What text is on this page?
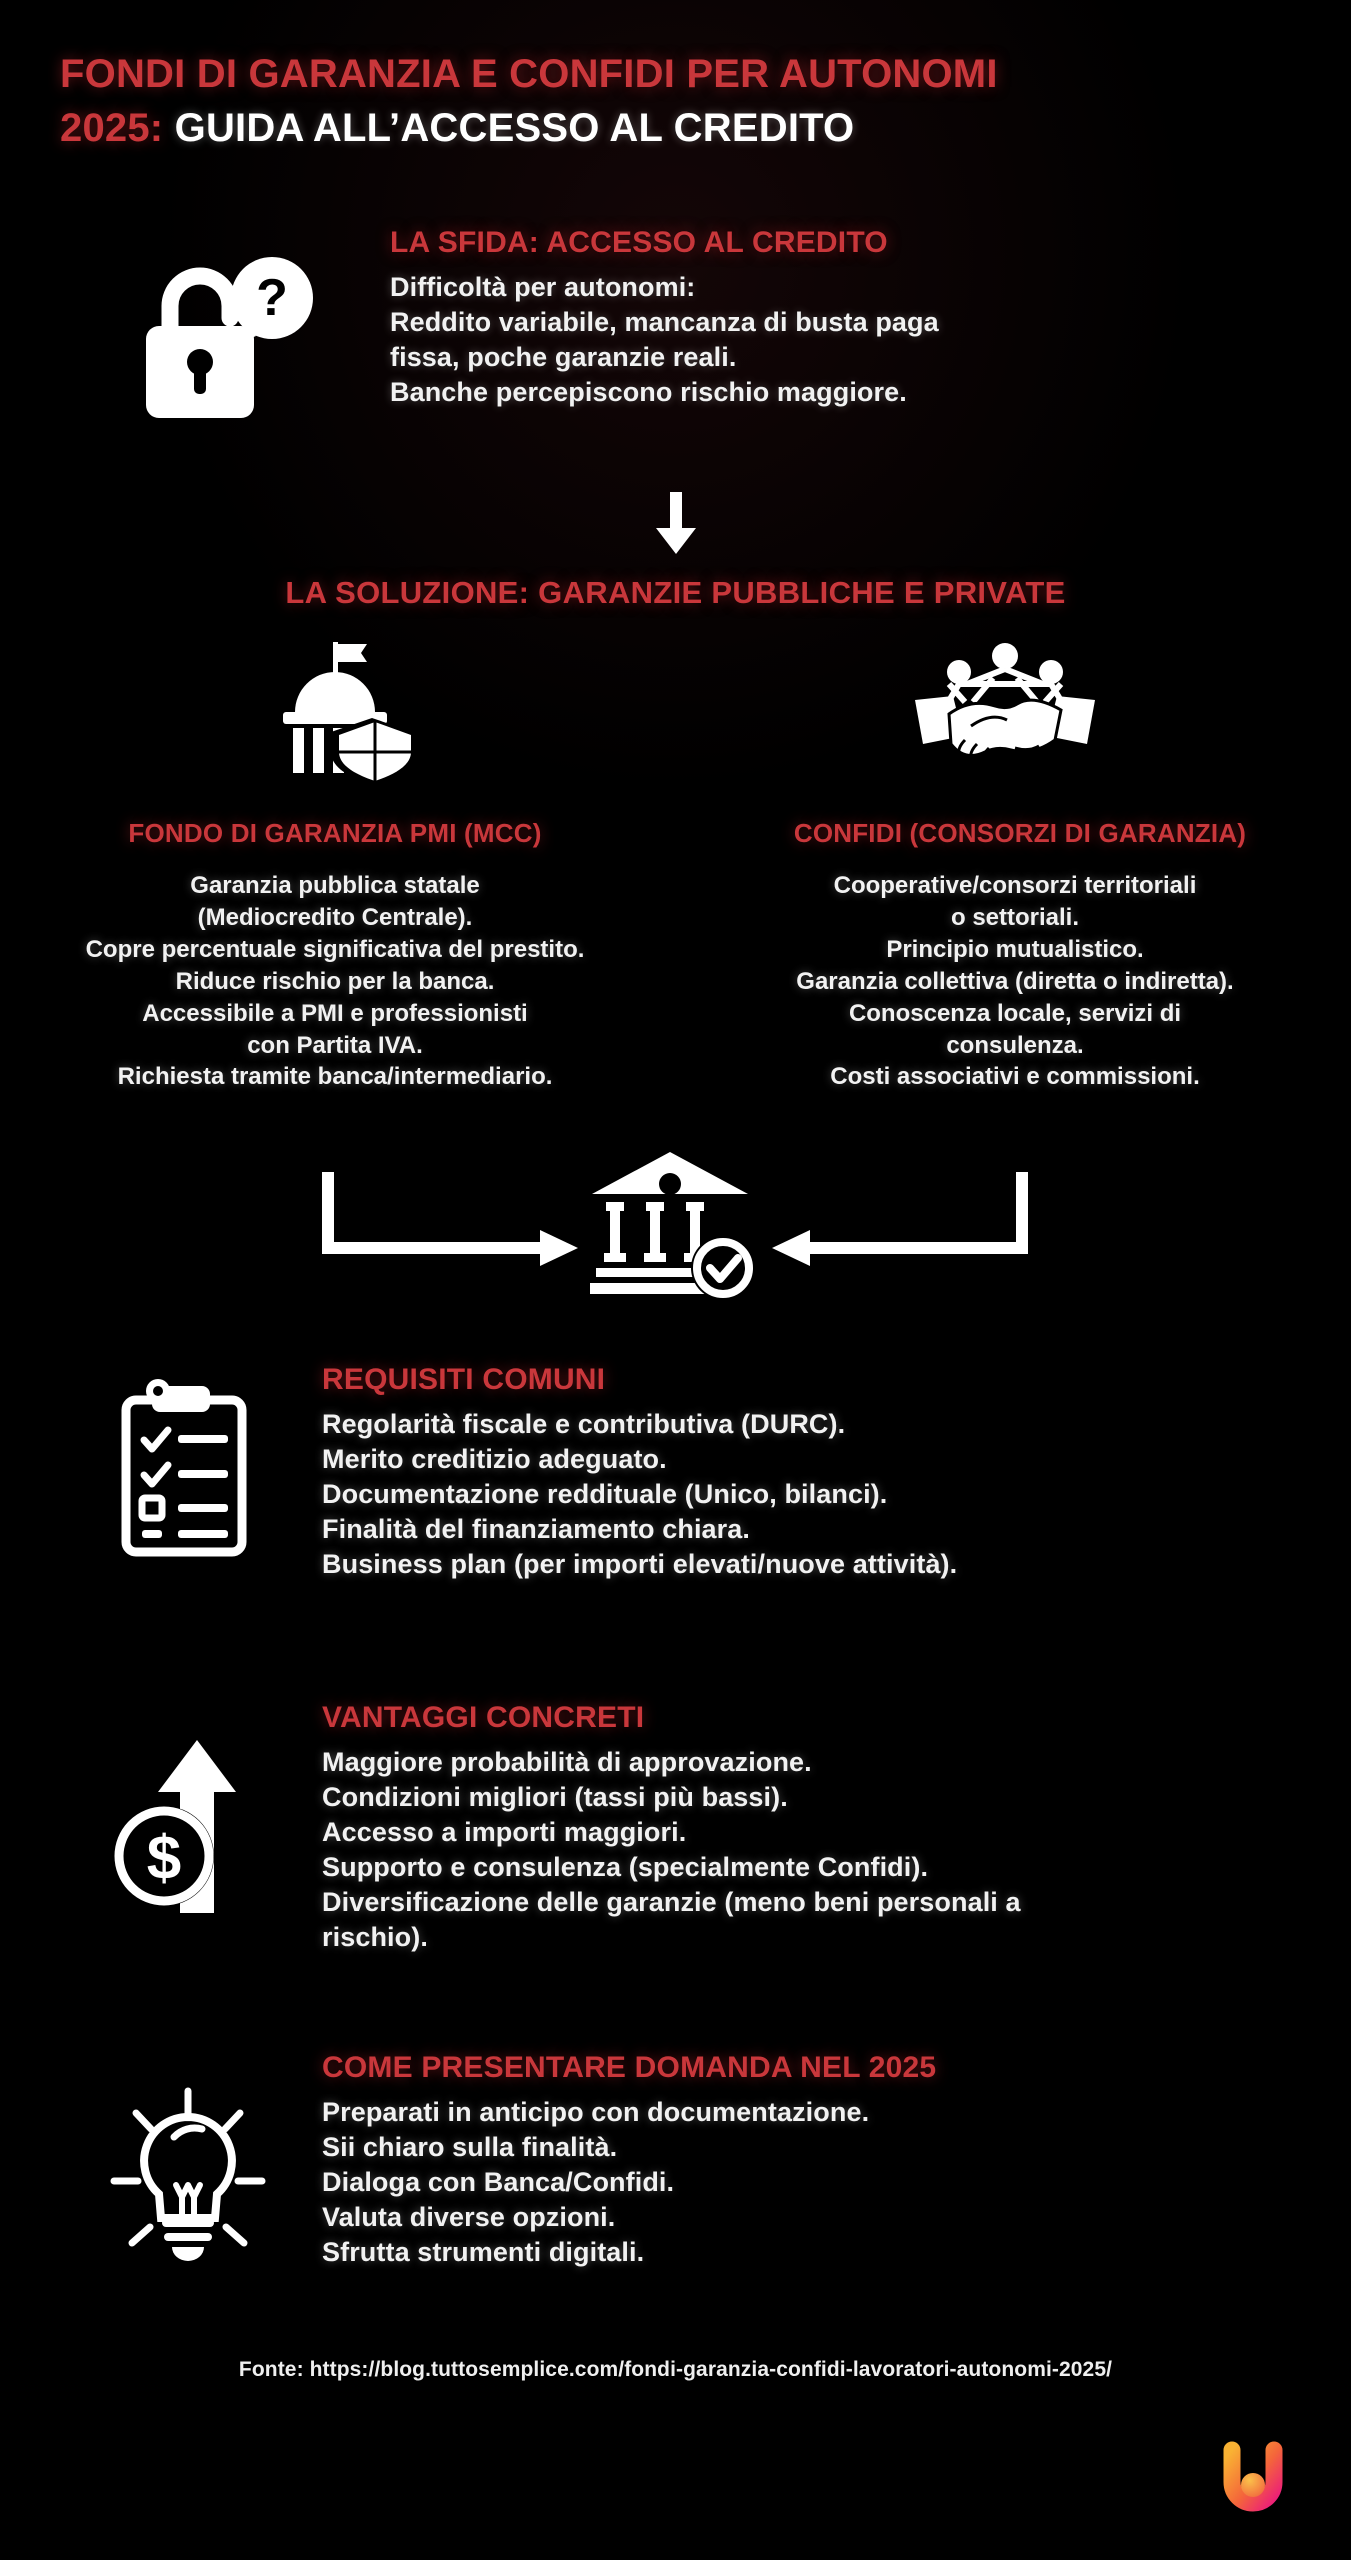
FONDI DI GARANZIA E CONFIDI PER AUTONOMI
2025: GUIDA ALL’ACCESSO AL CREDITO
?
LA SFIDA: ACCESSO AL CREDITO
Difficoltà per autonomi:
Reddito variabile, mancanza di busta paga
fissa, poche garanzie reali.
Banche percepiscono rischio maggiore.
LA SOLUZIONE: GARANZIE PUBBLICHE E PRIVATE
FONDO DI GARANZIA PMI (MCC)	CONFIDI (CONSORZI DI GARANZIA)
Garanzia pubblica statale
(Mediocredito Centrale).
Copre percentuale significativa del prestito.
Riduce rischio per la banca.
Accessibile a PMI e professionisti
con Partita IVA.
Richiesta tramite banca/intermediario.
Cooperative/consorzi territoriali
o settoriali.
Principio mutualistico.
Garanzia collettiva (diretta o indiretta).
Conoscenza locale, servizi di
consulenza.
Costi associativi e commissioni.
REQUISITI COMUNI
Regolarità fiscale e contributiva (DURC).
Merito creditizio adeguato.
Documentazione reddituale (Unico, bilanci).
Finalità del finanziamento chiara.
Business plan (per importi elevati/nuove attività).
$
VANTAGGI CONCRETI
Maggiore probabilità di approvazione.
Condizioni migliori (tassi più bassi).
Accesso a importi maggiori.
Supporto e consulenza (specialmente Confidi).
Diversificazione delle garanzie (meno beni personali a
rischio).
COME PRESENTARE DOMANDA NEL 2025
Preparati in anticipo con documentazione.
Sii chiaro sulla finalità.
Dialoga con Banca/Confidi.
Valuta diverse opzioni.
Sfrutta strumenti digitali.
Fonte: https://blog.tuttosemplice.com/fondi-garanzia-confidi-lavoratori-autonomi-2025/
